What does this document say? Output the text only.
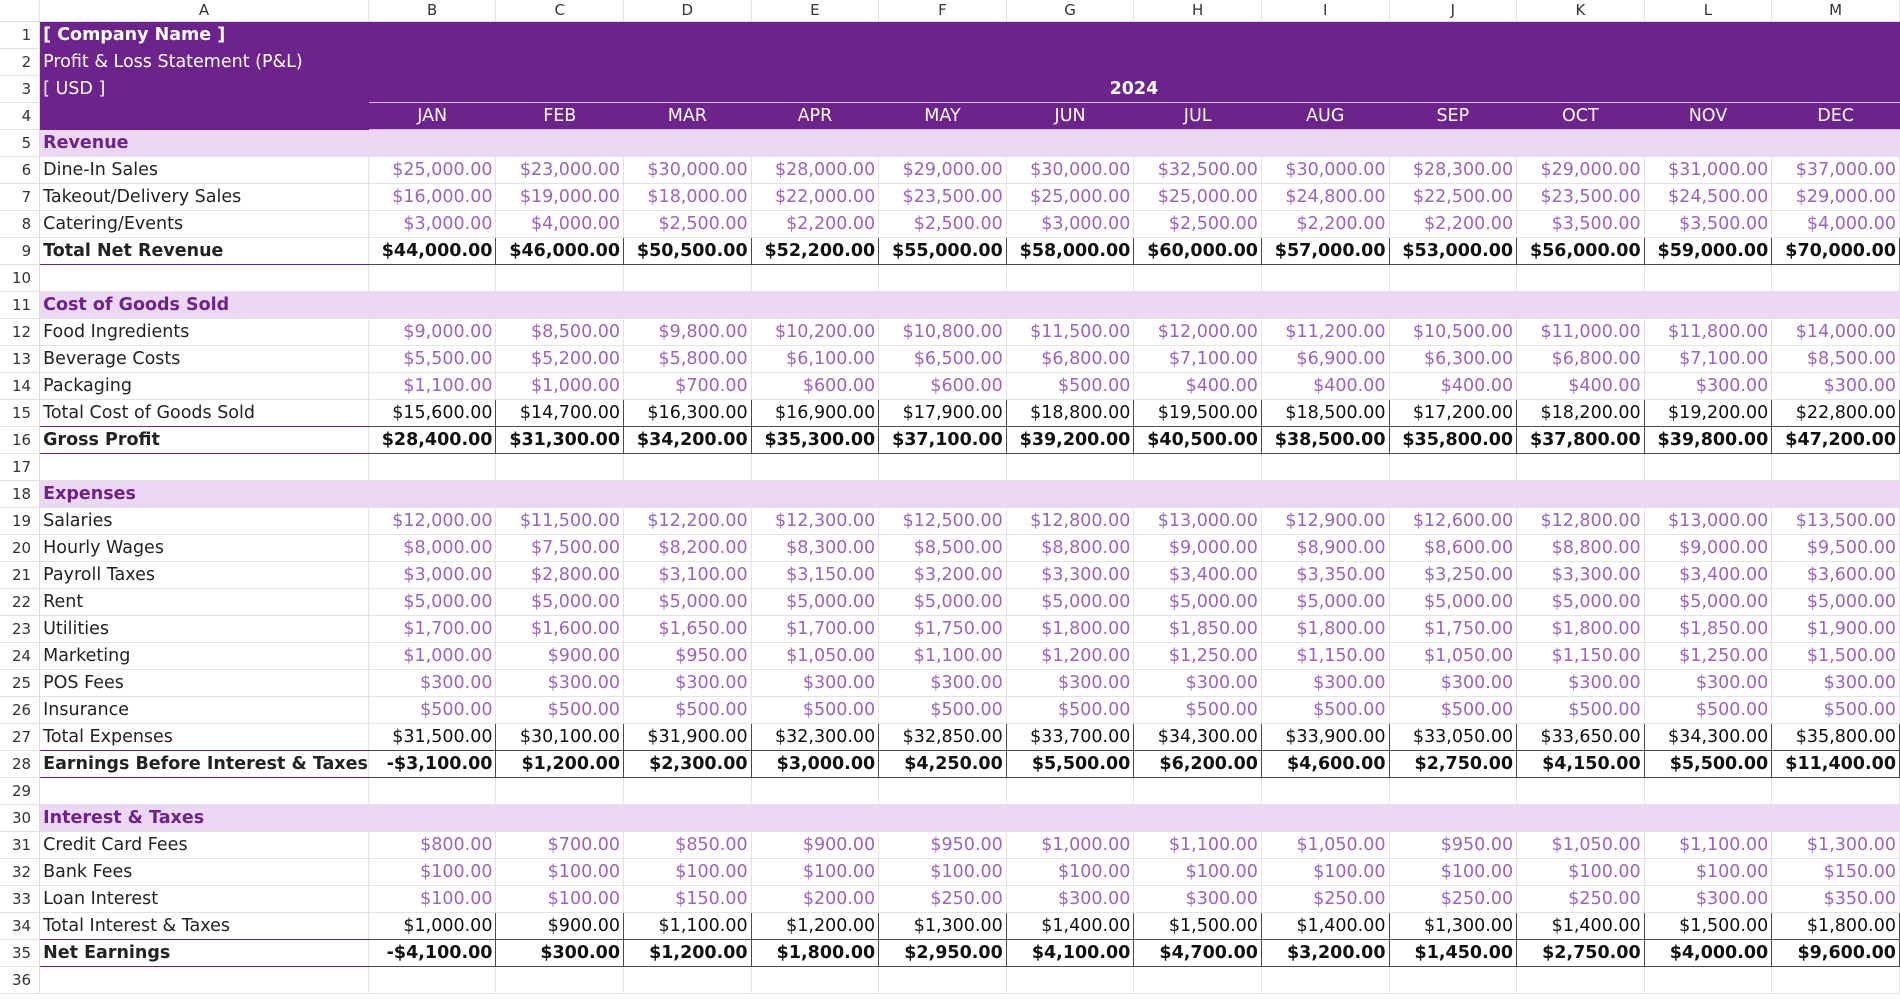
	A	B	C	D	E	F	G	H	I	J	K	L	M
1	[ Company Name ]												
2	Profit & Loss Statement (P&L)												
3	[ USD ]	2024											
4		JAN	FEB	MAR	APR	MAY	JUN	JUL	AUG	SEP	OCT	NOV	DEC
5	Revenue												
6	Dine-In Sales	$25,000.00	$23,000.00	$30,000.00	$28,000.00	$29,000.00	$30,000.00	$32,500.00	$30,000.00	$28,300.00	$29,000.00	$31,000.00	$37,000.00
7	Takeout/Delivery Sales	$16,000.00	$19,000.00	$18,000.00	$22,000.00	$23,500.00	$25,000.00	$25,000.00	$24,800.00	$22,500.00	$23,500.00	$24,500.00	$29,000.00
8	Catering/Events	$3,000.00	$4,000.00	$2,500.00	$2,200.00	$2,500.00	$3,000.00	$2,500.00	$2,200.00	$2,200.00	$3,500.00	$3,500.00	$4,000.00
9	Total Net Revenue	$44,000.00	$46,000.00	$50,500.00	$52,200.00	$55,000.00	$58,000.00	$60,000.00	$57,000.00	$53,000.00	$56,000.00	$59,000.00	$70,000.00
10													
11	Cost of Goods Sold												
12	Food Ingredients	$9,000.00	$8,500.00	$9,800.00	$10,200.00	$10,800.00	$11,500.00	$12,000.00	$11,200.00	$10,500.00	$11,000.00	$11,800.00	$14,000.00
13	Beverage Costs	$5,500.00	$5,200.00	$5,800.00	$6,100.00	$6,500.00	$6,800.00	$7,100.00	$6,900.00	$6,300.00	$6,800.00	$7,100.00	$8,500.00
14	Packaging	$1,100.00	$1,000.00	$700.00	$600.00	$600.00	$500.00	$400.00	$400.00	$400.00	$400.00	$300.00	$300.00
15	Total Cost of Goods Sold	$15,600.00	$14,700.00	$16,300.00	$16,900.00	$17,900.00	$18,800.00	$19,500.00	$18,500.00	$17,200.00	$18,200.00	$19,200.00	$22,800.00
16	Gross Profit	$28,400.00	$31,300.00	$34,200.00	$35,300.00	$37,100.00	$39,200.00	$40,500.00	$38,500.00	$35,800.00	$37,800.00	$39,800.00	$47,200.00
17													
18	Expenses												
19	Salaries	$12,000.00	$11,500.00	$12,200.00	$12,300.00	$12,500.00	$12,800.00	$13,000.00	$12,900.00	$12,600.00	$12,800.00	$13,000.00	$13,500.00
20	Hourly Wages	$8,000.00	$7,500.00	$8,200.00	$8,300.00	$8,500.00	$8,800.00	$9,000.00	$8,900.00	$8,600.00	$8,800.00	$9,000.00	$9,500.00
21	Payroll Taxes	$3,000.00	$2,800.00	$3,100.00	$3,150.00	$3,200.00	$3,300.00	$3,400.00	$3,350.00	$3,250.00	$3,300.00	$3,400.00	$3,600.00
22	Rent	$5,000.00	$5,000.00	$5,000.00	$5,000.00	$5,000.00	$5,000.00	$5,000.00	$5,000.00	$5,000.00	$5,000.00	$5,000.00	$5,000.00
23	Utilities	$1,700.00	$1,600.00	$1,650.00	$1,700.00	$1,750.00	$1,800.00	$1,850.00	$1,800.00	$1,750.00	$1,800.00	$1,850.00	$1,900.00
24	Marketing	$1,000.00	$900.00	$950.00	$1,050.00	$1,100.00	$1,200.00	$1,250.00	$1,150.00	$1,050.00	$1,150.00	$1,250.00	$1,500.00
25	POS Fees	$300.00	$300.00	$300.00	$300.00	$300.00	$300.00	$300.00	$300.00	$300.00	$300.00	$300.00	$300.00
26	Insurance	$500.00	$500.00	$500.00	$500.00	$500.00	$500.00	$500.00	$500.00	$500.00	$500.00	$500.00	$500.00
27	Total Expenses	$31,500.00	$30,100.00	$31,900.00	$32,300.00	$32,850.00	$33,700.00	$34,300.00	$33,900.00	$33,050.00	$33,650.00	$34,300.00	$35,800.00
28	Earnings Before Interest & Taxes	-$3,100.00	$1,200.00	$2,300.00	$3,000.00	$4,250.00	$5,500.00	$6,200.00	$4,600.00	$2,750.00	$4,150.00	$5,500.00	$11,400.00
29													
30	Interest & Taxes												
31	Credit Card Fees	$800.00	$700.00	$850.00	$900.00	$950.00	$1,000.00	$1,100.00	$1,050.00	$950.00	$1,050.00	$1,100.00	$1,300.00
32	Bank Fees	$100.00	$100.00	$100.00	$100.00	$100.00	$100.00	$100.00	$100.00	$100.00	$100.00	$100.00	$150.00
33	Loan Interest	$100.00	$100.00	$150.00	$200.00	$250.00	$300.00	$300.00	$250.00	$250.00	$250.00	$300.00	$350.00
34	Total Interest & Taxes	$1,000.00	$900.00	$1,100.00	$1,200.00	$1,300.00	$1,400.00	$1,500.00	$1,400.00	$1,300.00	$1,400.00	$1,500.00	$1,800.00
35	Net Earnings	-$4,100.00	$300.00	$1,200.00	$1,800.00	$2,950.00	$4,100.00	$4,700.00	$3,200.00	$1,450.00	$2,750.00	$4,000.00	$9,600.00
36													
